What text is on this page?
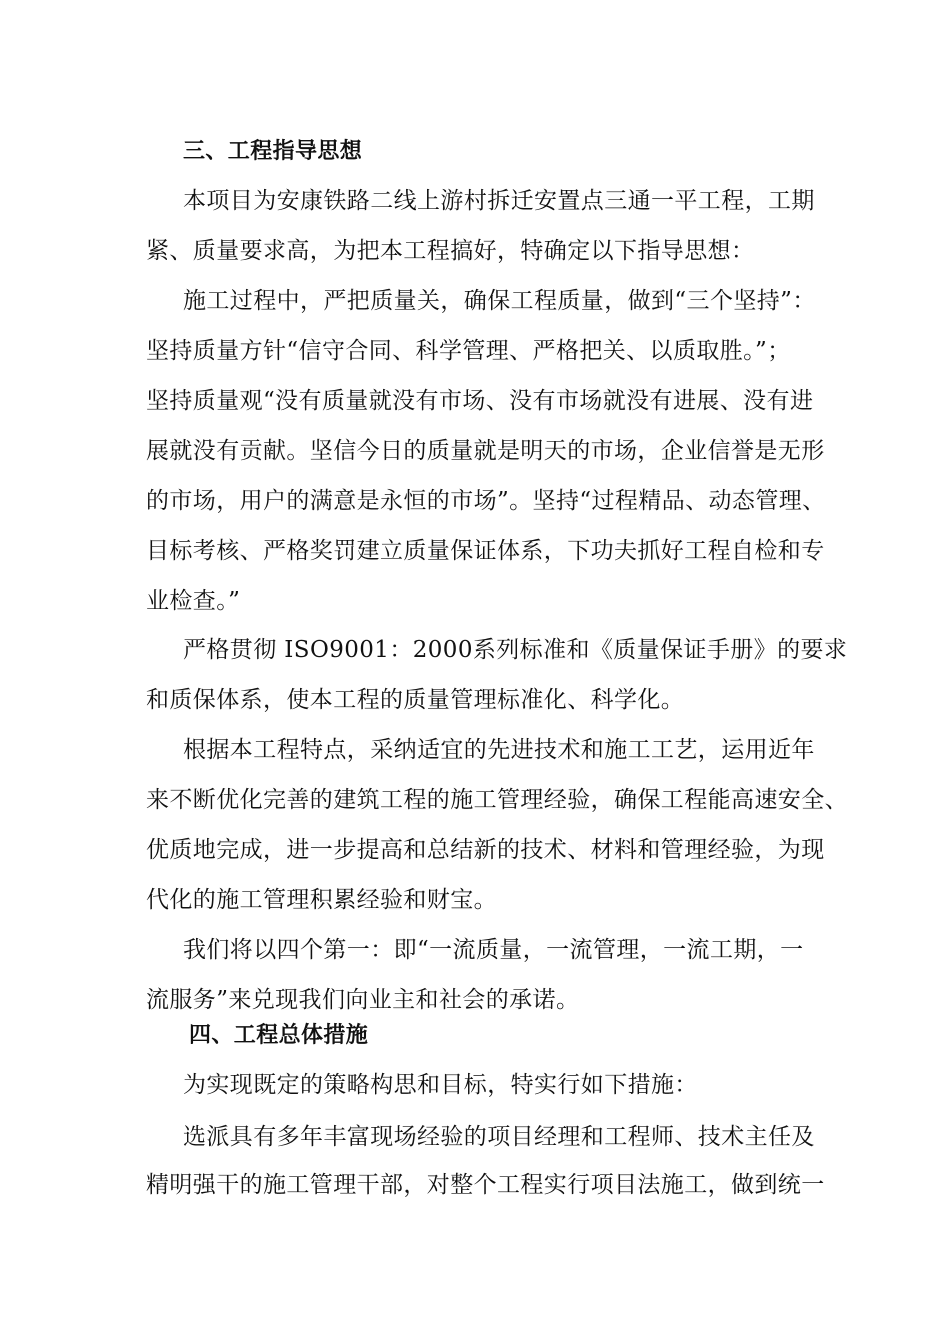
三、工程指导思想
本项目为安康铁路二线上游村拆迁安置点三通一平工程，工期
紧、质量要求高，为把本工程搞好，特确定以下指导思想：
施工过程中，严把质量关，确保工程质量，做到“三个坚持”：
坚持质量方针“信守合同、科学管理、严格把关、以质取胜。”；
坚持质量观“没有质量就没有市场、没有市场就没有进展、没有进
展就没有贡献。坚信今日的质量就是明天的市场，企业信誉是无形
的市场，用户的满意是永恒的市场”。坚持“过程精品、动态管理、
目标考核、严格奖罚建立质量保证体系，下功夫抓好工程自检和专
业检查。”
严格贯彻 ISO9001：2000系列标准和《质量保证手册》的要求
和质保体系，使本工程的质量管理标准化、科学化。
根据本工程特点，采纳适宜的先进技术和施工工艺，运用近年
来不断优化完善的建筑工程的施工管理经验，确保工程能高速安全、
优质地完成，进一步提高和总结新的技术、材料和管理经验，为现
代化的施工管理积累经验和财宝。
我们将以四个第一：即“一流质量，一流管理，一流工期，一
流服务”来兑现我们向业主和社会的承诺。
四、工程总体措施
为实现既定的策略构思和目标，特实行如下措施：
选派具有多年丰富现场经验的项目经理和工程师、技术主任及
精明强干的施工管理干部，对整个工程实行项目法施工，做到统一
